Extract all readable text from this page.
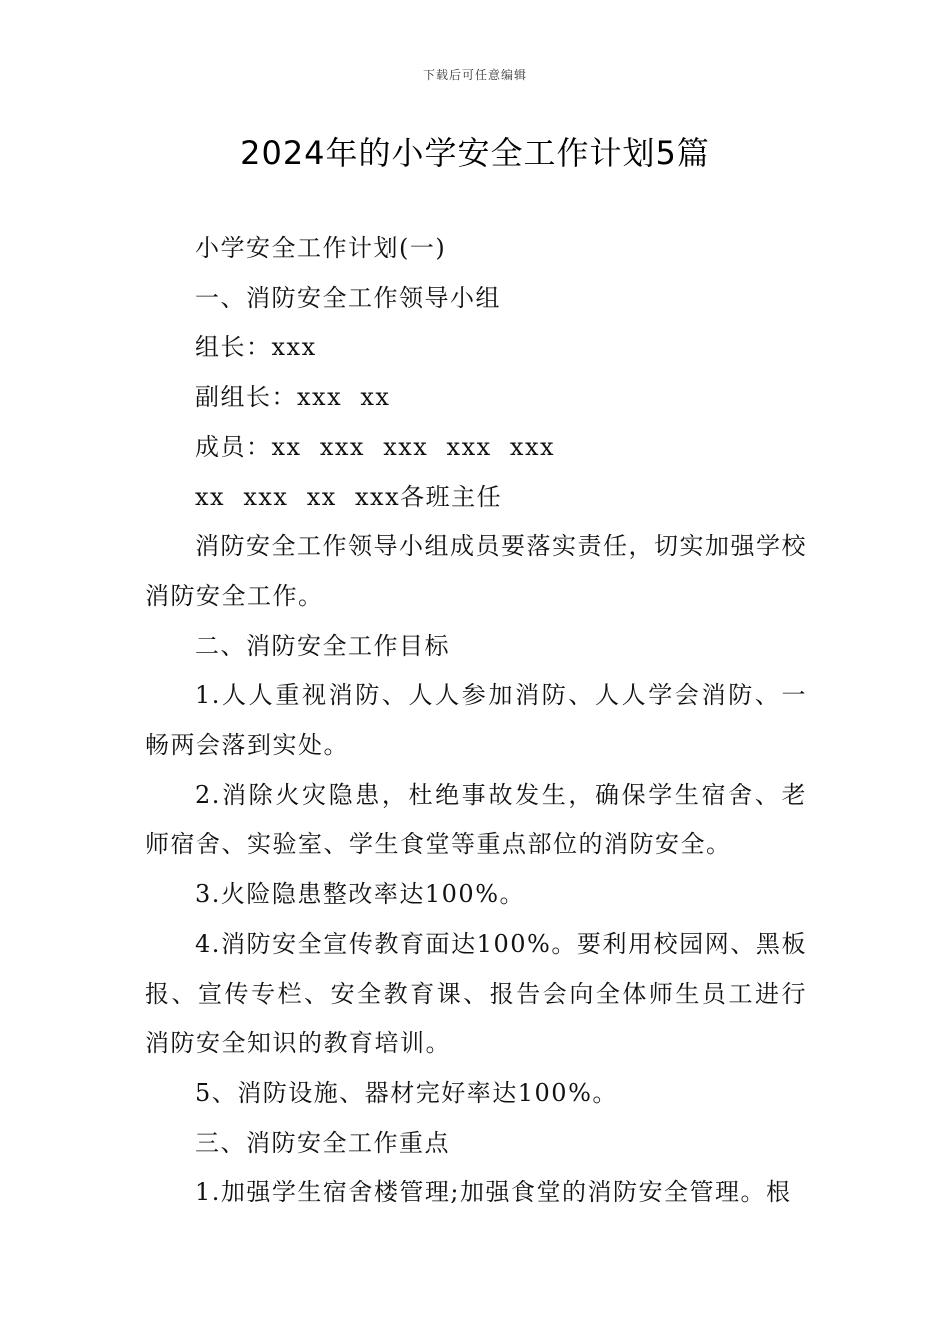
下载后可任意编辑
2024年的小学安全工作计划5篇

小学安全工作计划(一)

一、消防安全工作领导小组

组长：xxx

副组长：xxx  xx

成员：xx  xxx  xxx  xxx  xxx

xx  xxx  xx  xxx各班主任

消防安全工作领导小组成员要落实责任，切实加强学校消防安全工作。

二、消防安全工作目标

1.人人重视消防、人人参加消防、人人学会消防、一畅两会落到实处。

2.消除火灾隐患，杜绝事故发生，确保学生宿舍、老师宿舍、实验室、学生食堂等重点部位的消防安全。

3.火险隐患整改率达100%。

4.消防安全宣传教育面达100%。要利用校园网、黑板报、宣传专栏、安全教育课、报告会向全体师生员工进行消防安全知识的教育培训。

5、消防设施、器材完好率达100%。

三、消防安全工作重点

1.加强学生宿舍楼管理;加强食堂的消防安全管理。根
